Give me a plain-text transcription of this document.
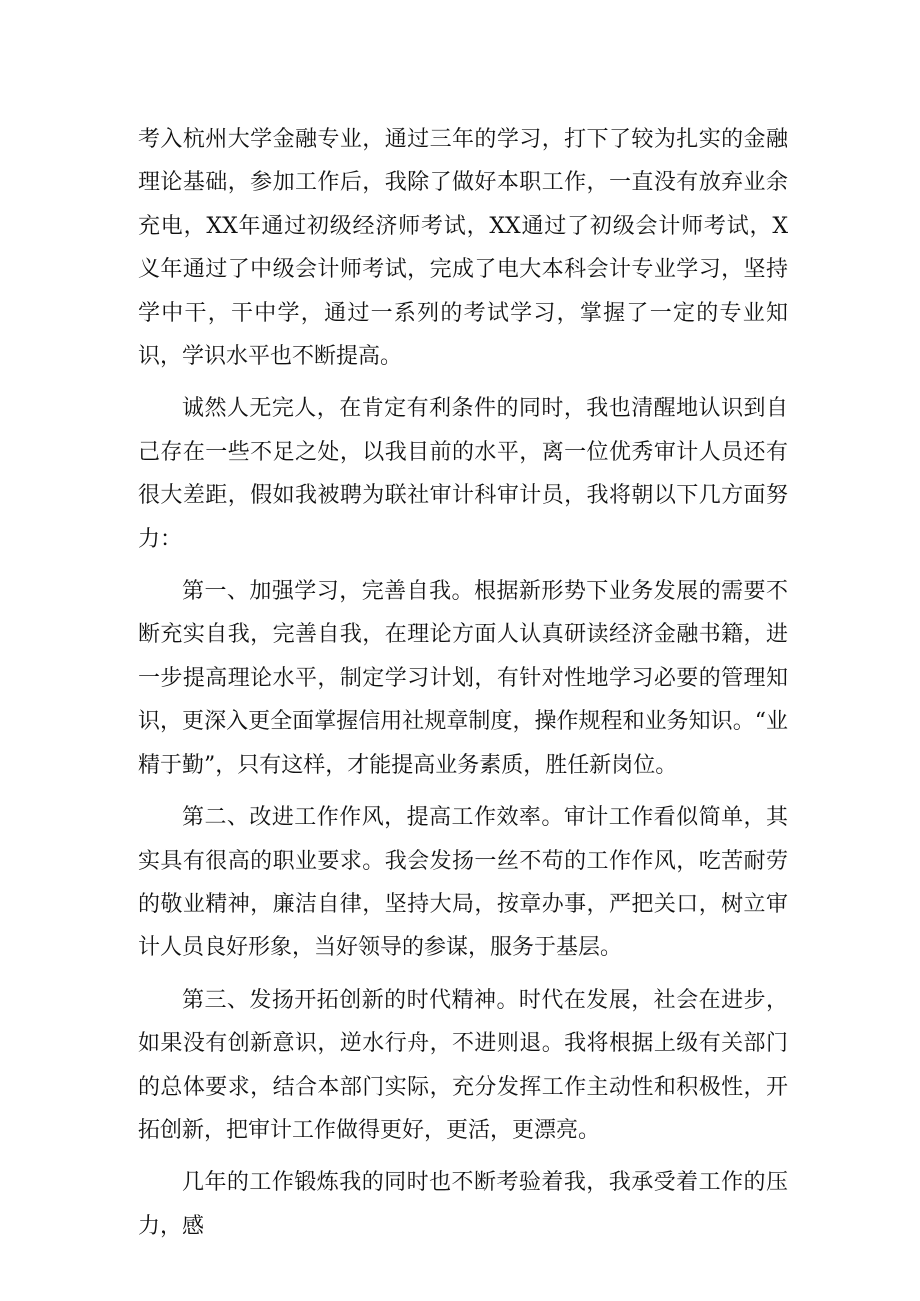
考入杭州大学金融专业，通过三年的学习，打下了较为扎实的金融理论基础，参加工作后，我除了做好本职工作，一直没有放弃业余充电，XX年通过初级经济师考试，XX通过了初级会计师考试，X义年通过了中级会计师考试，完成了电大本科会计专业学习，坚持学中干，干中学，通过一系列的考试学习，掌握了一定的专业知识，学识水平也不断提高。

诚然人无完人，在肯定有利条件的同时，我也清醒地认识到自己存在一些不足之处，以我目前的水平，离一位优秀审计人员还有很大差距，假如我被聘为联社审计科审计员，我将朝以下几方面努力：

第一、加强学习，完善自我。根据新形势下业务发展的需要不断充实自我，完善自我，在理论方面人认真研读经济金融书籍，进一步提高理论水平，制定学习计划，有针对性地学习必要的管理知识，更深入更全面掌握信用社规章制度，操作规程和业务知识。“业精于勤”，只有这样，才能提高业务素质，胜任新岗位。

第二、改进工作作风，提高工作效率。审计工作看似简单，其实具有很高的职业要求。我会发扬一丝不苟的工作作风，吃苦耐劳的敬业精神，廉洁自律，坚持大局，按章办事，严把关口，树立审计人员良好形象，当好领导的参谋，服务于基层。

第三、发扬开拓创新的时代精神。时代在发展，社会在进步，如果没有创新意识，逆水行舟，不进则退。我将根据上级有关部门的总体要求，结合本部门实际，充分发挥工作主动性和积极性，开拓创新，把审计工作做得更好，更活，更漂亮。

几年的工作锻炼我的同时也不断考验着我，我承受着工作的压力，感
